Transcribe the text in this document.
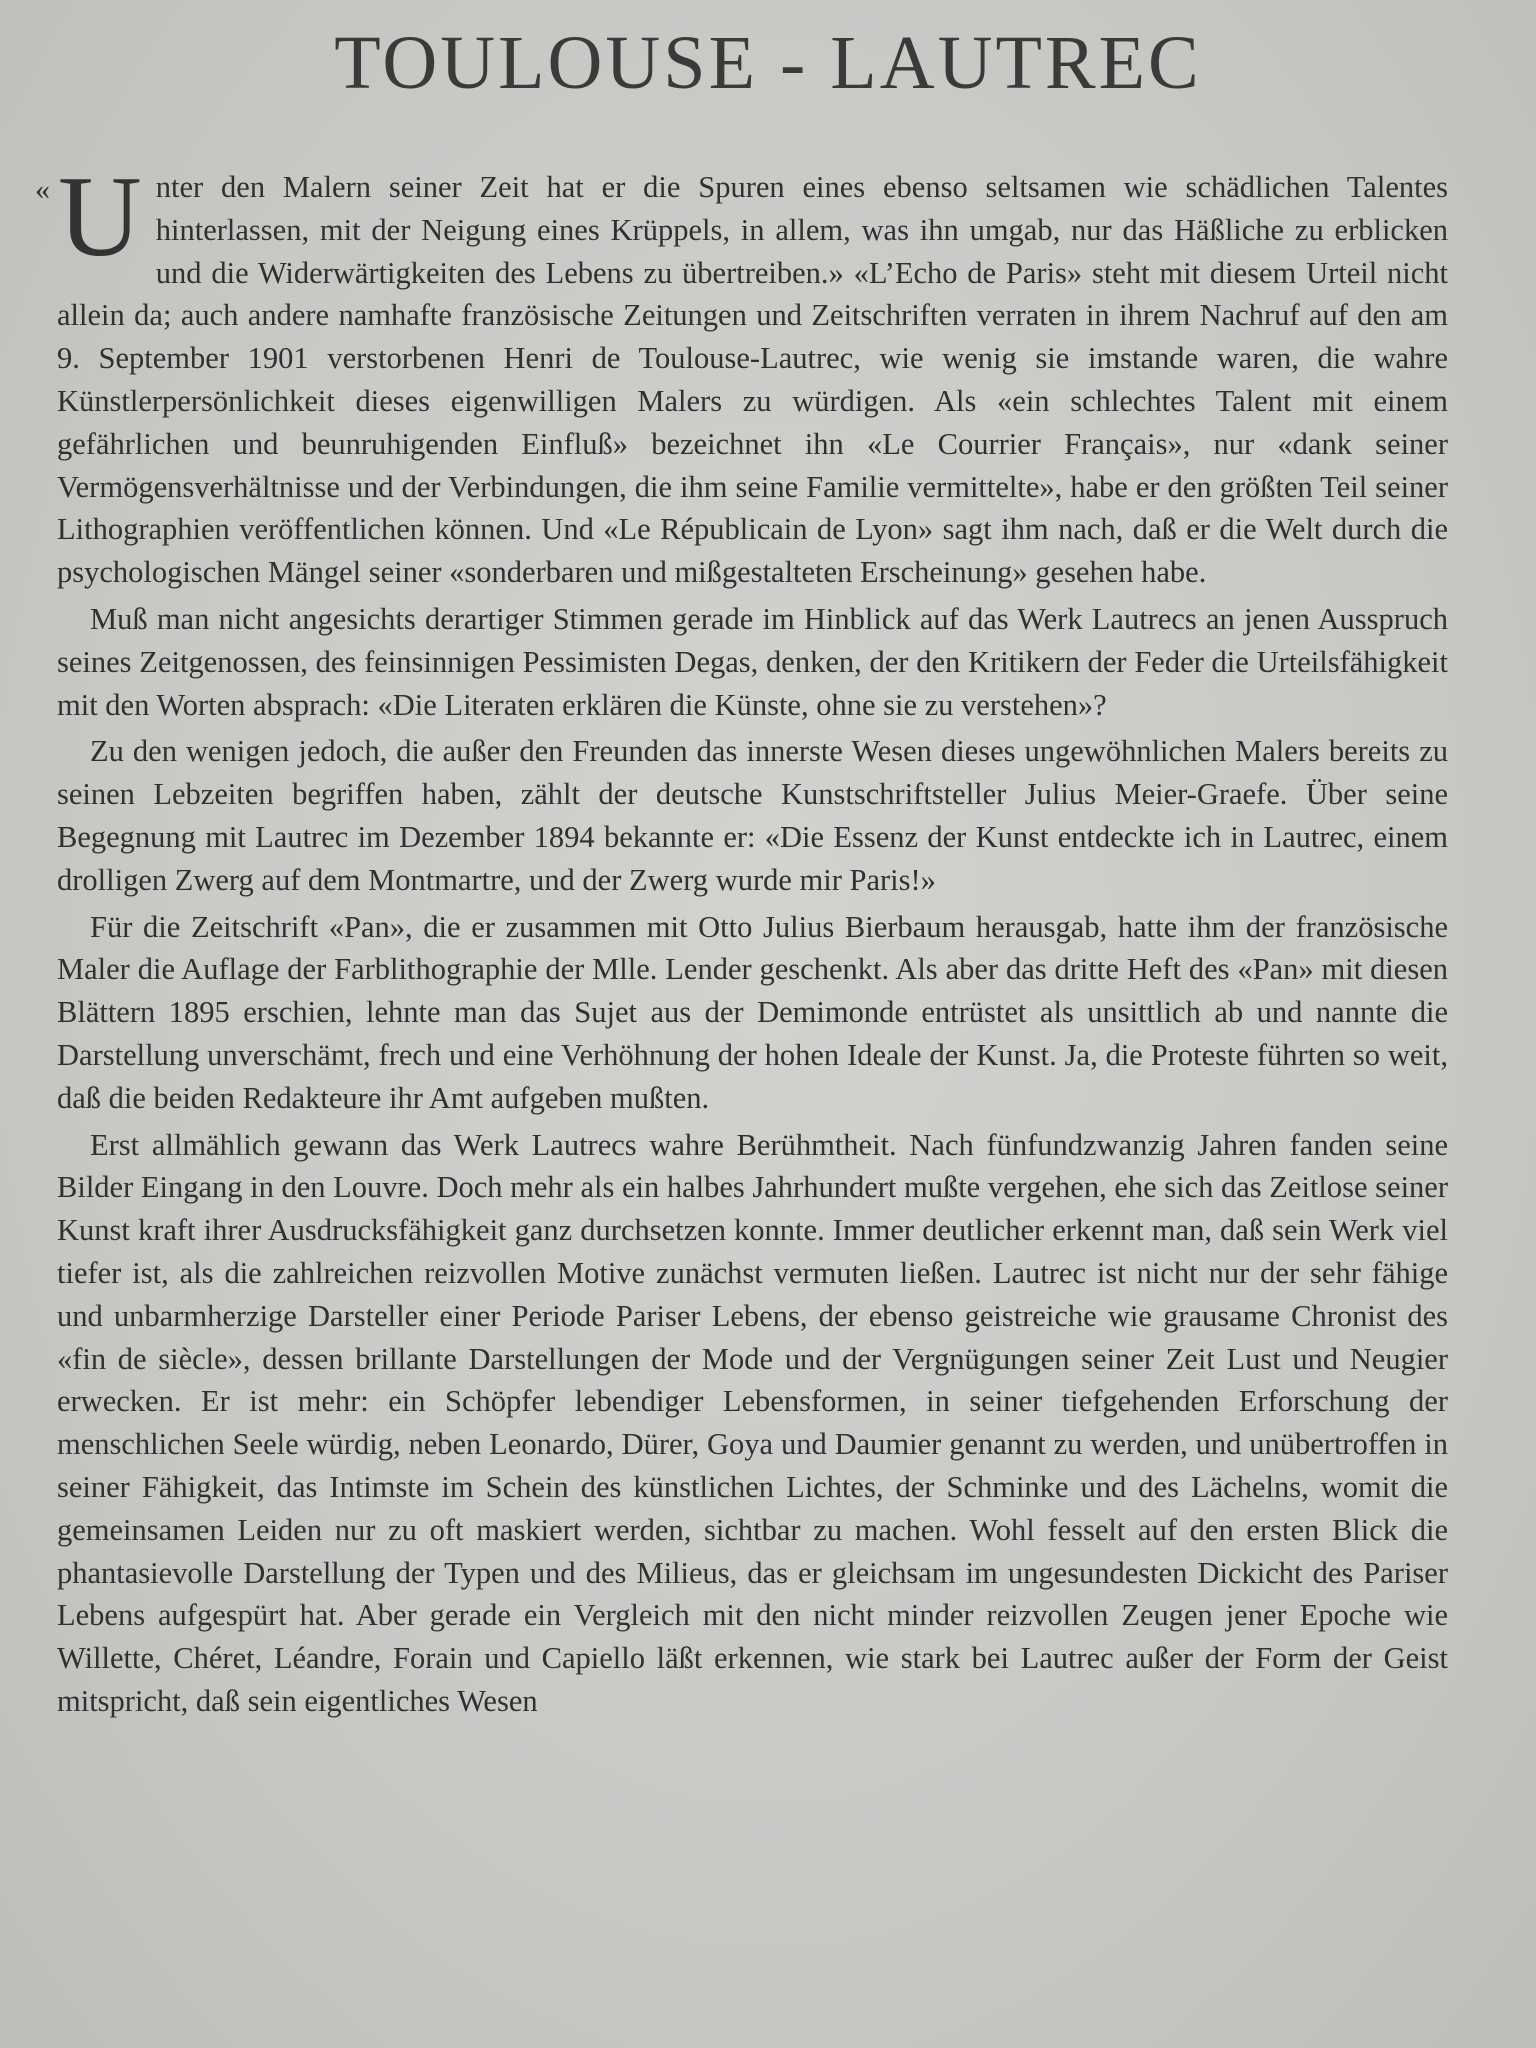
TOULOUSE - LAUTREC

« U nter den Malern seiner Zeit hat er die Spuren eines ebenso seltsamen wie schädlichen Talentes hinterlassen, mit der Neigung eines Krüppels, in allem, was ihn umgab, nur das Häßliche zu erblicken und die Widerwärtigkeiten des Lebens zu übertreiben.» «L’Echo de Paris» steht mit diesem Urteil nicht allein da; auch andere namhafte französische Zeitungen und Zeitschriften verraten in ihrem Nachruf auf den am 9. September 1901 verstorbenen Henri de Toulouse-Lautrec, wie wenig sie imstande waren, die wahre Künstlerpersönlichkeit dieses eigenwilligen Malers zu würdigen. Als «ein schlechtes Talent mit einem gefährlichen und beunruhigenden Einfluß» bezeichnet ihn «Le Courrier Français», nur «dank seiner Vermögensverhältnisse und der Verbindungen, die ihm seine Familie vermittelte», habe er den größten Teil seiner Lithographien veröffentlichen können. Und «Le Républicain de Lyon» sagt ihm nach, daß er die Welt durch die psychologischen Mängel seiner «sonderbaren und mißgestalteten Erscheinung» gesehen habe.

Muß man nicht angesichts derartiger Stimmen gerade im Hinblick auf das Werk Lautrecs an jenen Ausspruch seines Zeitgenossen, des feinsinnigen Pessimisten Degas, denken, der den Kritikern der Feder die Urteilsfähigkeit mit den Worten absprach: «Die Literaten erklären die Künste, ohne sie zu verstehen»?

Zu den wenigen jedoch, die außer den Freunden das innerste Wesen dieses ungewöhnlichen Malers bereits zu seinen Lebzeiten begriffen haben, zählt der deutsche Kunstschriftsteller Julius Meier-Graefe. Über seine Begegnung mit Lautrec im Dezember 1894 bekannte er: «Die Essenz der Kunst entdeckte ich in Lautrec, einem drolligen Zwerg auf dem Montmartre, und der Zwerg wurde mir Paris!»

Für die Zeitschrift «Pan», die er zusammen mit Otto Julius Bierbaum herausgab, hatte ihm der französische Maler die Auflage der Farblithographie der Mlle. Lender geschenkt. Als aber das dritte Heft des «Pan» mit diesen Blättern 1895 erschien, lehnte man das Sujet aus der Demimonde entrüstet als unsittlich ab und nannte die Darstellung unverschämt, frech und eine Verhöhnung der hohen Ideale der Kunst. Ja, die Proteste führten so weit, daß die beiden Redakteure ihr Amt aufgeben mußten.

Erst allmählich gewann das Werk Lautrecs wahre Berühmtheit. Nach fünfundzwanzig Jahren fanden seine Bilder Eingang in den Louvre. Doch mehr als ein halbes Jahrhundert mußte vergehen, ehe sich das Zeitlose seiner Kunst kraft ihrer Ausdrucksfähigkeit ganz durchsetzen konnte. Immer deutlicher erkennt man, daß sein Werk viel tiefer ist, als die zahlreichen reizvollen Motive zunächst vermuten ließen. Lautrec ist nicht nur der sehr fähige und unbarmherzige Darsteller einer Periode Pariser Lebens, der ebenso geistreiche wie grausame Chronist des «fin de siècle», dessen brillante Darstellungen der Mode und der Vergnügungen seiner Zeit Lust und Neugier erwecken. Er ist mehr: ein Schöpfer lebendiger Lebensformen, in seiner tiefgehenden Erforschung der menschlichen Seele würdig, neben Leonardo, Dürer, Goya und Daumier genannt zu werden, und unübertroffen in seiner Fähigkeit, das Intimste im Schein des künstlichen Lichtes, der Schminke und des Lächelns, womit die gemeinsamen Leiden nur zu oft maskiert werden, sichtbar zu machen. Wohl fesselt auf den ersten Blick die phantasievolle Darstellung der Typen und des Milieus, das er gleichsam im ungesundesten Dickicht des Pariser Lebens aufgespürt hat. Aber gerade ein Vergleich mit den nicht minder reizvollen Zeugen jener Epoche wie Willette, Chéret, Léandre, Forain und Capiello läßt erkennen, wie stark bei Lautrec außer der Form der Geist mitspricht, daß sein eigentliches Wesen
